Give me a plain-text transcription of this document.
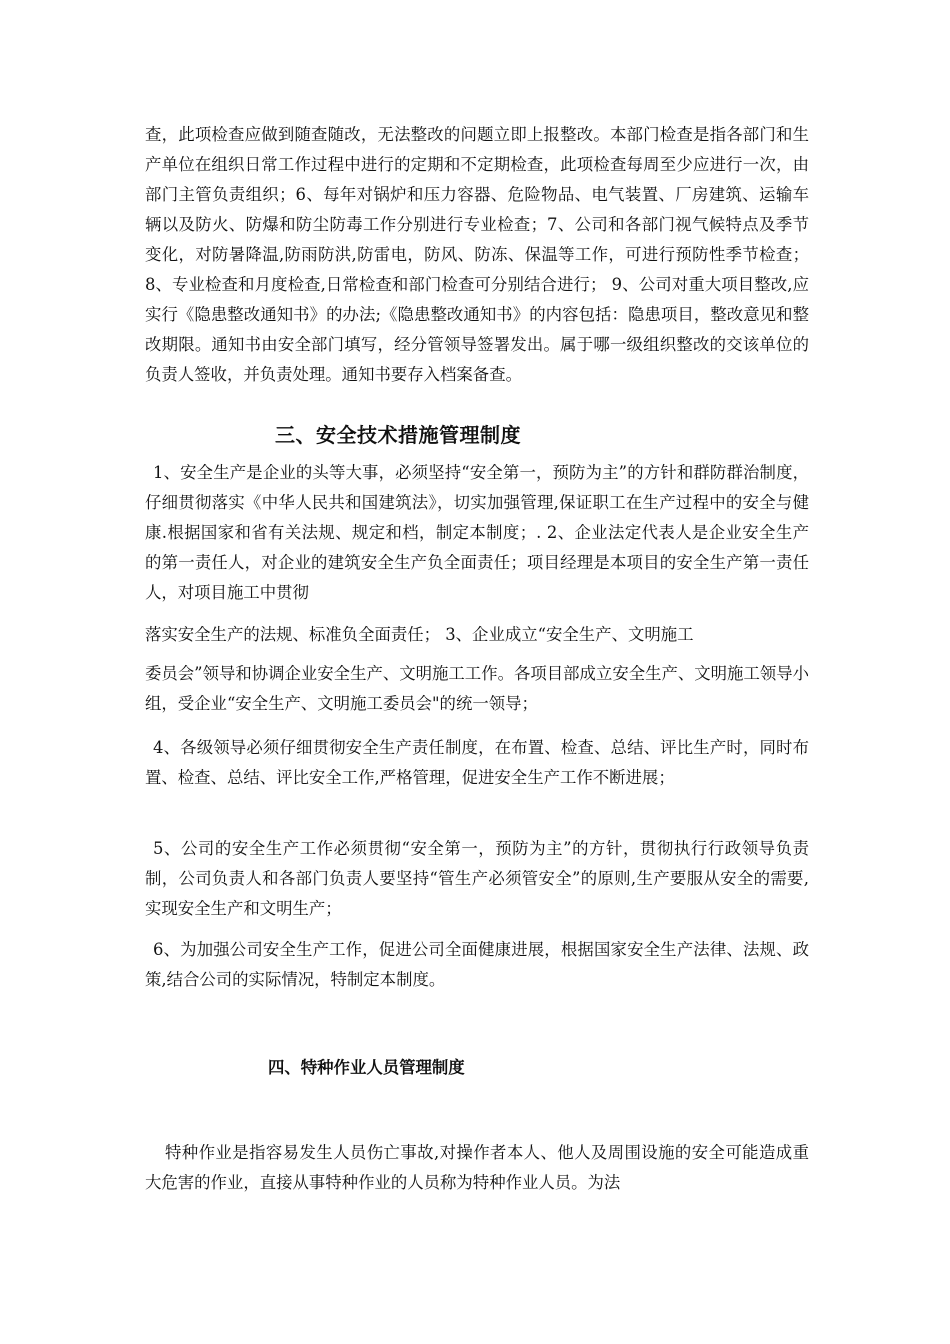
查，此项检查应做到随查随改，无法整改的问题立即上报整改。本部门检查是指各部门和生产单位在组织日常工作过程中进行的定期和不定期检查，此项检查每周至少应进行一次，由部门主管负责组织；6、每年对锅炉和压力容器、危险物品、电气装置、厂房建筑、运输车辆以及防火、防爆和防尘防毒工作分别进行专业检查；7、公司和各部门视气候特点及季节变化，对防暑降温,防雨防洪,防雷电，防风、防冻、保温等工作，可进行预防性季节检查； 8、专业检查和月度检查,日常检查和部门检查可分别结合进行； 9、公司对重大项目整改,应实行《隐患整改通知书》的办法;《隐患整改通知书》的内容包括：隐患项目，整改意见和整改期限。通知书由安全部门填写，经分管领导签署发出。属于哪一级组织整改的交该单位的负责人签收，并负责处理。通知书要存入档案备查。

三、安全技术措施管理制度

1、安全生产是企业的头等大事，必须坚持“安全第一，预防为主”的方针和群防群治制度，仔细贯彻落实《中华人民共和国建筑法》，切实加强管理,保证职工在生产过程中的安全与健康.根据国家和省有关法规、规定和档，制定本制度；. 2、企业法定代表人是企业安全生产的第一责任人，对企业的建筑安全生产负全面责任；项目经理是本项目的安全生产第一责任人，对项目施工中贯彻

落实安全生产的法规、标准负全面责任； 3、企业成立“安全生产、文明施工

委员会”领导和协调企业安全生产、文明施工工作。各项目部成立安全生产、文明施工领导小组，受企业“安全生产、文明施工委员会"的统一领导；

4、各级领导必须仔细贯彻安全生产责任制度，在布置、检查、总结、评比生产时，同时布置、检查、总结、评比安全工作,严格管理，促进安全生产工作不断进展；

5、公司的安全生产工作必须贯彻“安全第一，预防为主”的方针，贯彻执行行政领导负责制，公司负责人和各部门负责人要坚持“管生产必须管安全”的原则,生产要服从安全的需要,实现安全生产和文明生产；

6、为加强公司安全生产工作，促进公司全面健康进展，根据国家安全生产法律、法规、政策,结合公司的实际情况，特制定本制度。

四、特种作业人员管理制度

特种作业是指容易发生人员伤亡事故,对操作者本人、他人及周围设施的安全可能造成重大危害的作业，直接从事特种作业的人员称为特种作业人员。为法
